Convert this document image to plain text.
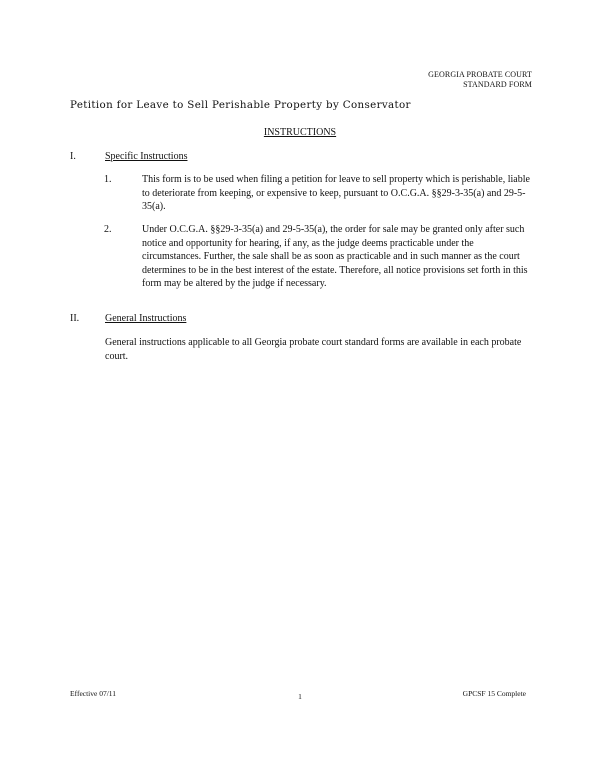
GEORGIA PROBATE COURT
STANDARD FORM
Petition for Leave to Sell Perishable Property by Conservator
INSTRUCTIONS
I.	Specific Instructions
1.	This form is to be used when filing a petition for leave to sell property which is perishable, liable to deteriorate from keeping, or expensive to keep, pursuant to O.C.G.A. §§29-3-35(a) and 29-5-35(a).
2.	Under O.C.G.A. §§29-3-35(a) and 29-5-35(a), the order for sale may be granted only after such notice and opportunity for hearing, if any, as the judge deems practicable under the circumstances. Further, the sale shall be as soon as practicable and in such manner as the court determines to be in the best interest of the estate. Therefore, all notice provisions set forth in this form may be altered by the judge if necessary.
II.	General Instructions
General instructions applicable to all Georgia probate court standard forms are available in each probate court.
Effective 07/11	1	GPCSF 15 Complete
